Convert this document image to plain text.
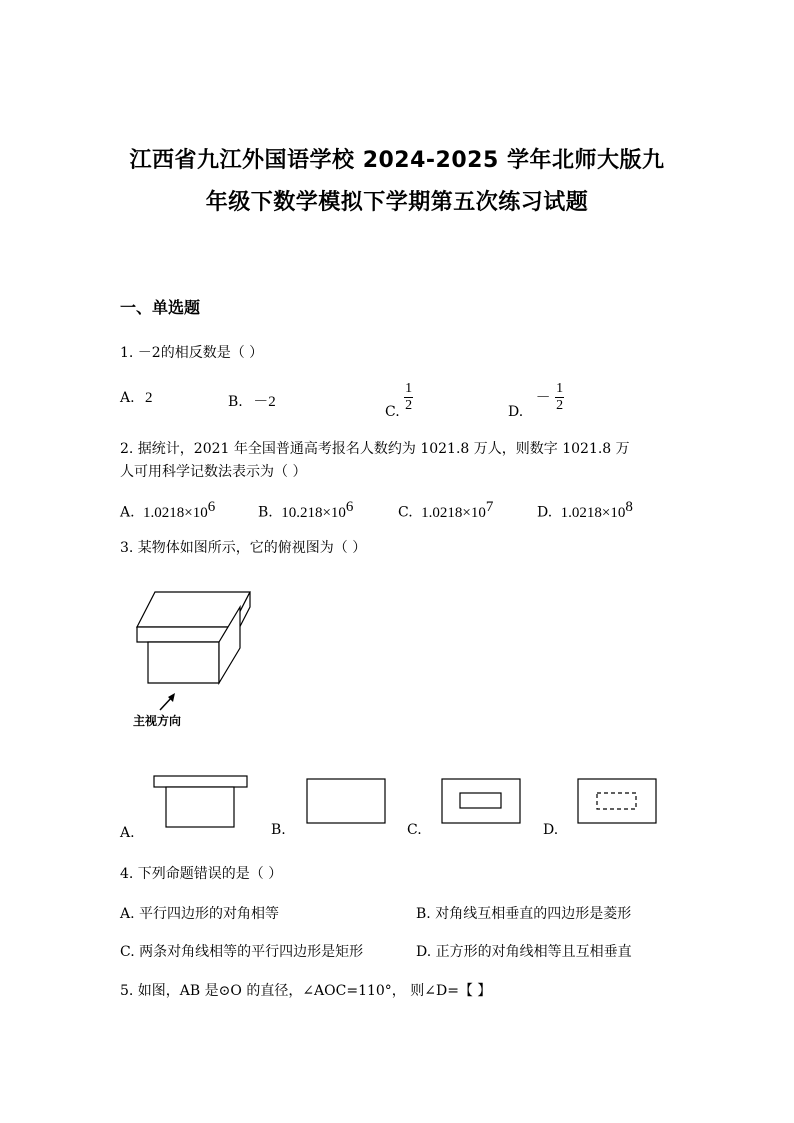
江西省九江外国语学校 2024-2025 学年北师大版九
年级下数学模拟下学期第五次练习试题
一、单选题
1. －2的相反数是（ ）
A. 2	B. －2
C. $\frac{1}{2}$	D. － $\frac{1}{2}$
2. 据统计，2021 年全国普通高考报名人数约为 1021.8 万人，则数字 1021.8 万
人可用科学记数法表示为（ ）
A. $1.0218\times 10^6$	B. $10.218\times 10^6$	C. $1.0218\times 10^7$	D. $1.0218\times 10^8$
3. 某物体如图所示，它的俯视图为（ ）
主视方向
A.	B.	C.	D.
4. 下列命题错误的是（ ）
A. 平行四边形的对角相等	B. 对角线互相垂直的四边形是菱形
C. 两条对角线相等的平行四边形是矩形	D. 正方形的对角线相等且互相垂直
5. 如图，AB 是⊙O 的直径，∠AOC=110°， 则∠D=【 】
